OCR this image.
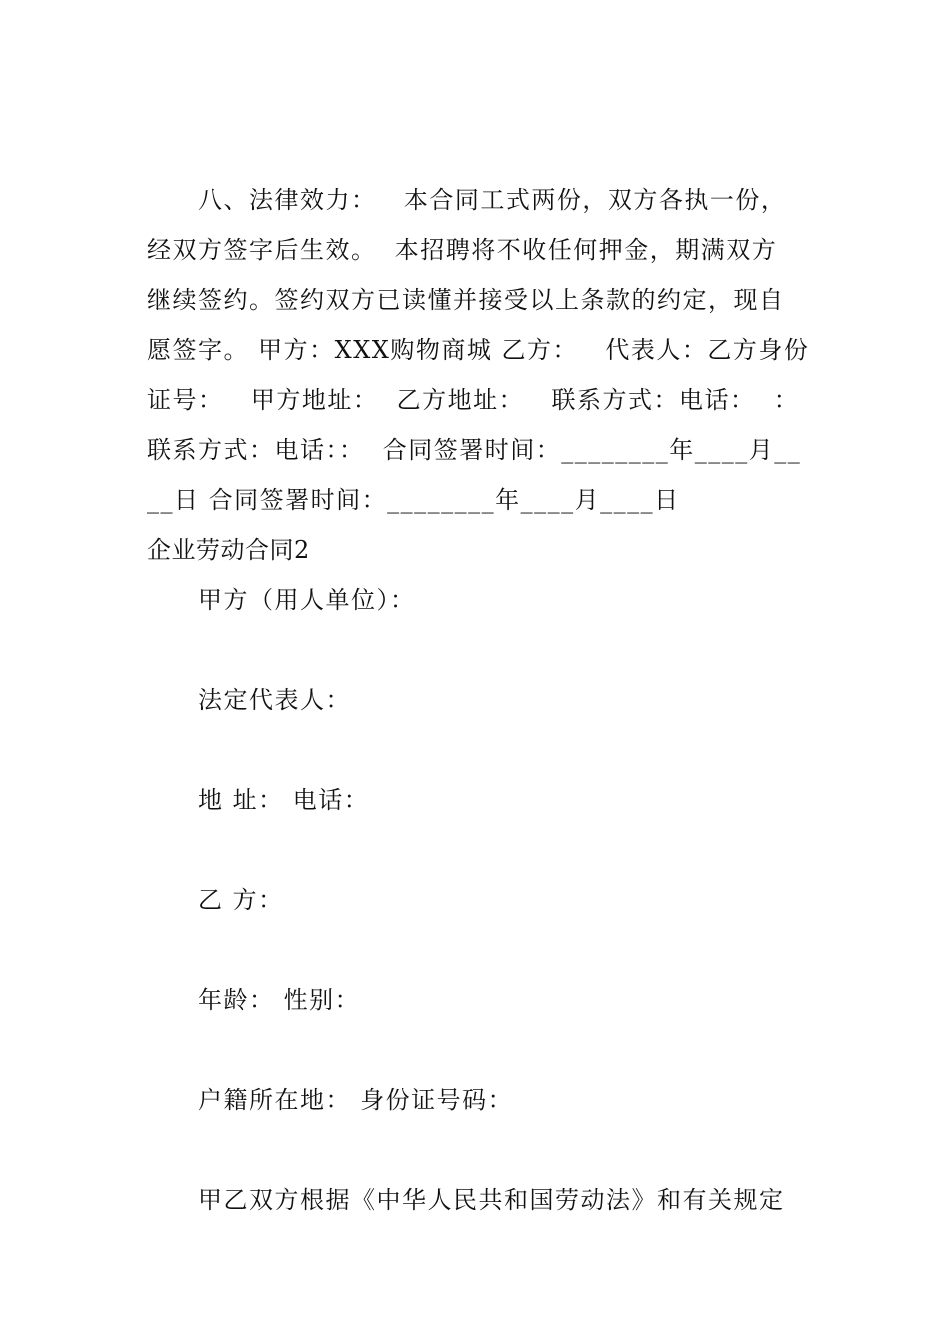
八、法律效力：   本合同工式两份，双方各执一份，
经双方签字后生效。  本招聘将不收任何押金，期满双方
继续签约。签约双方已读懂并接受以上条款的约定，现自
愿签字。 甲方：XXX购物商城 乙方：   代表人：乙方身份
证号：   甲方地址：  乙方地址：   联系方式：电话：  ：
联系方式：电话：：  合同签署时间：________年____月__
__日 合同签署时间：________年____月____日
企业劳动合同2
甲方（用人单位）：
法定代表人：
地 址： 电话：
乙 方：
年龄： 性别：
户籍所在地： 身份证号码：
甲乙双方根据《中华人民共和国劳动法》和有关规定
